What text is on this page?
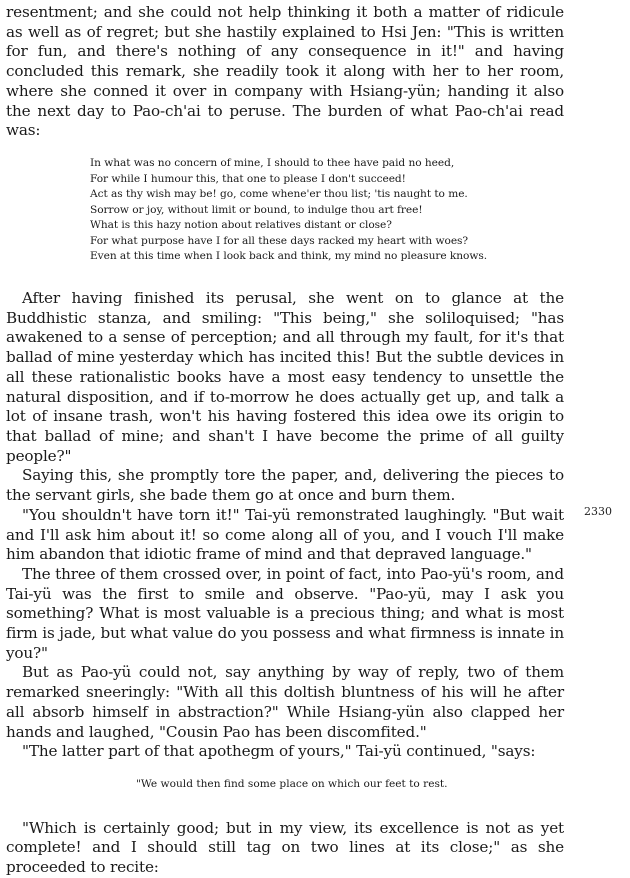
resentment; and she could not help thinking it both a matter of ridicule as well as of regret; but she hastily explained to Hsi Jen: "This is written for fun, and there's nothing of any consequence in it!" and having concluded this remark, she readily took it along with her to her room, where she conned it over in company with Hsiang-yün; handing it also the next day to Pao-ch'ai to peruse. The burden of what Pao-ch'ai read was:

In what was no concern of mine, I should to thee have paid no heed,
For while I humour this, that one to please I don't succeed!
Act as thy wish may be! go, come whene'er thou list; 'tis naught to me.
Sorrow or joy, without limit or bound, to indulge thou art free!
What is this hazy notion about relatives distant or close?
For what purpose have I for all these days racked my heart with woes?
Even at this time when I look back and think, my mind no pleasure knows.

After having finished its perusal, she went on to glance at the Buddhistic stanza, and smiling: "This being," she soliloquised; "has awakened to a sense of perception; and all through my fault, for it's that ballad of mine yesterday which has incited this! But the subtle devices in all these rationalistic books have a most easy tendency to unsettle the natural disposition, and if to-morrow he does actually get up, and talk a lot of insane trash, won't his having fostered this idea owe its origin to that ballad of mine; and shan't I have become the prime of all guilty people?"

Saying this, she promptly tore the paper, and, delivering the pieces to the servant girls, she bade them go at once and burn them.

"You shouldn't have torn it!" Tai-yü remonstrated laughingly. "But wait and I'll ask him about it! so come along all of you, and I vouch I'll make him abandon that idiotic frame of mind and that depraved language."

The three of them crossed over, in point of fact, into Pao-yü's room, and Tai-yü was the first to smile and observe. "Pao-yü, may I ask you something? What is most valuable is a precious thing; and what is most firm is jade, but what value do you possess and what firmness is innate in you?"

But as Pao-yü could not, say anything by way of reply, two of them remarked sneeringly: "With all this doltish bluntness of his will he after all absorb himself in abstraction?" While Hsiang-yün also clapped her hands and laughed, "Cousin Pao has been discomfited."

"The latter part of that apothegm of yours," Tai-yü continued, "says:

"We would then find some place on which our feet to rest.

"Which is certainly good; but in my view, its excellence is not as yet complete! and I should still tag on two lines at its close;" as she proceeded to recite:

2330
